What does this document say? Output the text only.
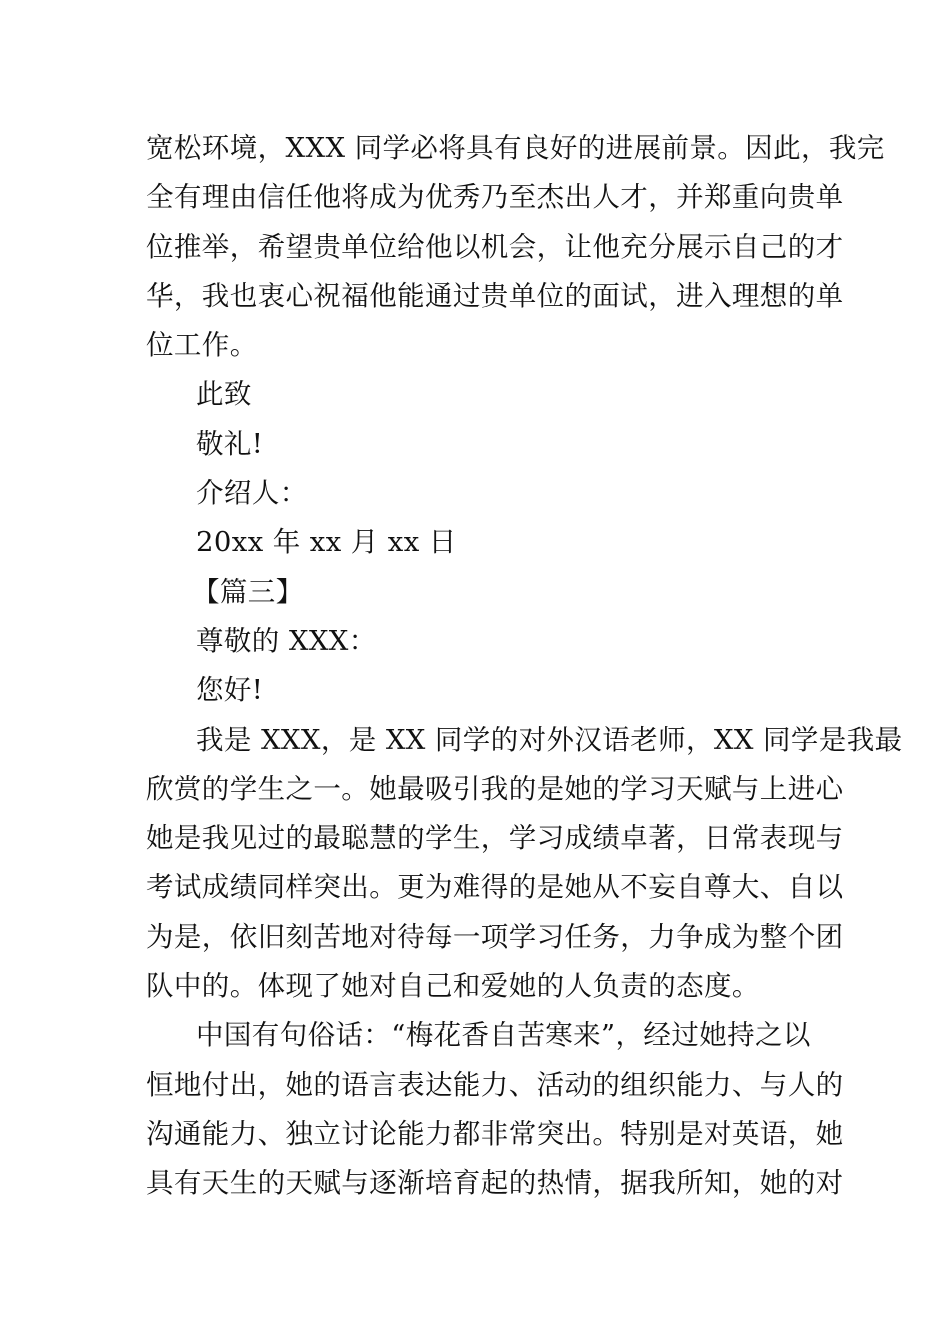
宽松环境，XXX 同学必将具有良好的进展前景。因此，我完
全有理由信任他将成为优秀乃至杰出人才，并郑重向贵单
位推举，希望贵单位给他以机会，让他充分展示自己的才
华，我也衷心祝福他能通过贵单位的面试，进入理想的单
位工作。
此致
敬礼!
介绍人：
20xx 年 xx 月 xx 日
【篇三】
尊敬的 XXX：
您好!
我是 XXX，是 XX 同学的对外汉语老师，XX 同学是我最
欣赏的学生之一。她最吸引我的是她的学习天赋与上进心
她是我见过的最聪慧的学生，学习成绩卓著，日常表现与
考试成绩同样突出。更为难得的是她从不妄自尊大、自以
为是，依旧刻苦地对待每一项学习任务，力争成为整个团
队中的。体现了她对自己和爱她的人负责的态度。
中国有句俗话：“梅花香自苦寒来”，经过她持之以
恒地付出，她的语言表达能力、活动的组织能力、与人的
沟通能力、独立讨论能力都非常突出。特别是对英语，她
具有天生的天赋与逐渐培育起的热情，据我所知，她的对
